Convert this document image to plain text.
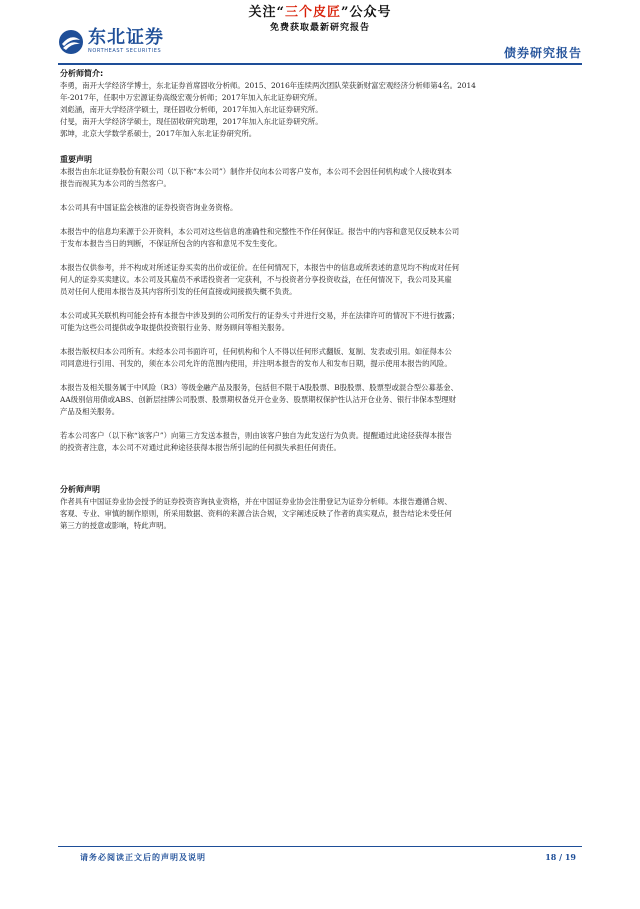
关注“三个皮匠”公众号
免费获取最新研究报告
东北证券
NORTHEAST SECURITIES	债券研究报告
分析师简介:
李勇，南开大学经济学博士，东北证券首席固收分析师。2015、2016年连续两次团队荣获新财富宏观经济分析师第4名。2014
年-2017年，任职中万宏源证券高级宏观分析师；2017年加入东北证券研究所。
刘彪涵，南开大学经济学硕士，现任固收分析师，2017年加入东北证券研究所。
付旻，南开大学经济学硕士，现任固收研究助理，2017年加入东北证券研究所。
郭坤，北京大学数学系硕士，2017年加入东北证券研究所。
重要声明
本报告由东北证券股份有限公司（以下称“本公司”）制作并仅向本公司客户发布，本公司不会因任何机构或个人接收到本
报告而视其为本公司的当然客户。
本公司具有中国证监会核准的证券投资咨询业务资格。
本报告中的信息均来源于公开资料，本公司对这些信息的准确性和完整性不作任何保证。报告中的内容和意见仅反映本公司
于发布本报告当日的判断，不保证所包含的内容和意见不发生变化。
本报告仅供参考，并不构成对所述证券买卖的出价或征价。在任何情况下，本报告中的信息或所表述的意见均不构成对任何
何人的证券买卖建议。本公司及其雇员不承诺投资者一定获利，不与投资者分享投资收益，在任何情况下，我公司及其雇
员对任何人使用本报告及其内容所引发的任何直接或间接损失概不负责。
本公司或其关联机构可能会持有本报告中涉及到的公司所发行的证券头寸并进行交易，并在法律许可的情况下不进行披露；
可能为这些公司提供或争取提供投资银行业务、财务顾问等相关服务。
本报告版权归本公司所有。未经本公司书面许可，任何机构和个人不得以任何形式翻版、复制、发表或引用。如征得本公
司同意进行引用、刊发的，须在本公司允许的范围内使用，并注明本报告的发布人和发布日期，提示使用本报告的风险。
本报告及相关服务属于中风险（R3）等级金融产品及服务，包括但不限于A股股票、B股股票、股票型或混合型公募基金、
AA级别信用债或ABS、创新层挂牌公司股票、股票期权备兑开仓业务、股票期权保护性认沽开仓业务、银行非保本型理财
产品及相关服务。
若本公司客户（以下称“该客户”）向第三方发送本报告，则由该客户独自为此发送行为负责。提醒通过此途径获得本报告
的投资者注意，本公司不对通过此种途径获得本报告所引起的任何损失承担任何责任。
分析师声明
作者具有中国证券业协会授予的证券投资咨询执业资格，并在中国证券业协会注册登记为证券分析师。本报告遵循合规、
客观、专业、审慎的制作原则，所采用数据、资料的来源合法合规，文字阐述反映了作者的真实观点，报告结论未受任何
第三方的授意或影响，特此声明。
请务必阅读正文后的声明及说明	18 / 19
